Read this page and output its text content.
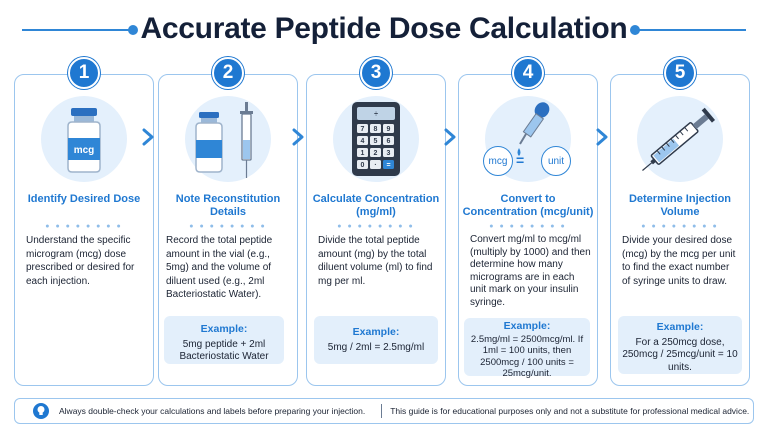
Accurate Peptide Dose Calculation
1
mcg
Identify Desired Dose
● ● ● ● ● ● ● ●
Understand the specific microgram (mcg) dose prescribed or desired for each injection.
2
Note Reconstitution Details
● ● ● ● ● ● ● ●
Record the total peptide amount in the vial (e.g., 5mg) and the volume of diluent used (e.g., 2ml Bacteriostatic Water).
Example:
5mg peptide + 2ml Bacteriostatic Water
3
÷
7 8 9
4 5 6
1 2 3
0 · =
Calculate Concentration (mg/ml)
● ● ● ● ● ● ● ●
Divide the total peptide amount (mg) by the total diluent volume (ml) to find mg per ml.
Example:
5mg / 2ml = 2.5mg/ml
4
mcg =	unit
Convert to Concentration (mcg/unit)
● ● ● ● ● ● ● ●
Convert mg/ml to mcg/ml (multiply by 1000) and then determine how many micrograms are in each unit mark on your insulin syringe.
Example:
2.5mg/ml = 2500mcg/ml. If 1ml = 100 units, then 2500mcg / 100 units = 25mcg/unit.
5
Determine Injection Volume
● ● ● ● ● ● ● ●
Divide your desired dose (mcg) by the mcg per unit to find the exact number of syringe units to draw.
Example:
For a 250mcg dose, 250mcg / 25mcg/unit = 10 units.
Always double-check your calculations and labels before preparing your injection.	This guide is for educational purposes only and not a substitute for professional medical advice.
